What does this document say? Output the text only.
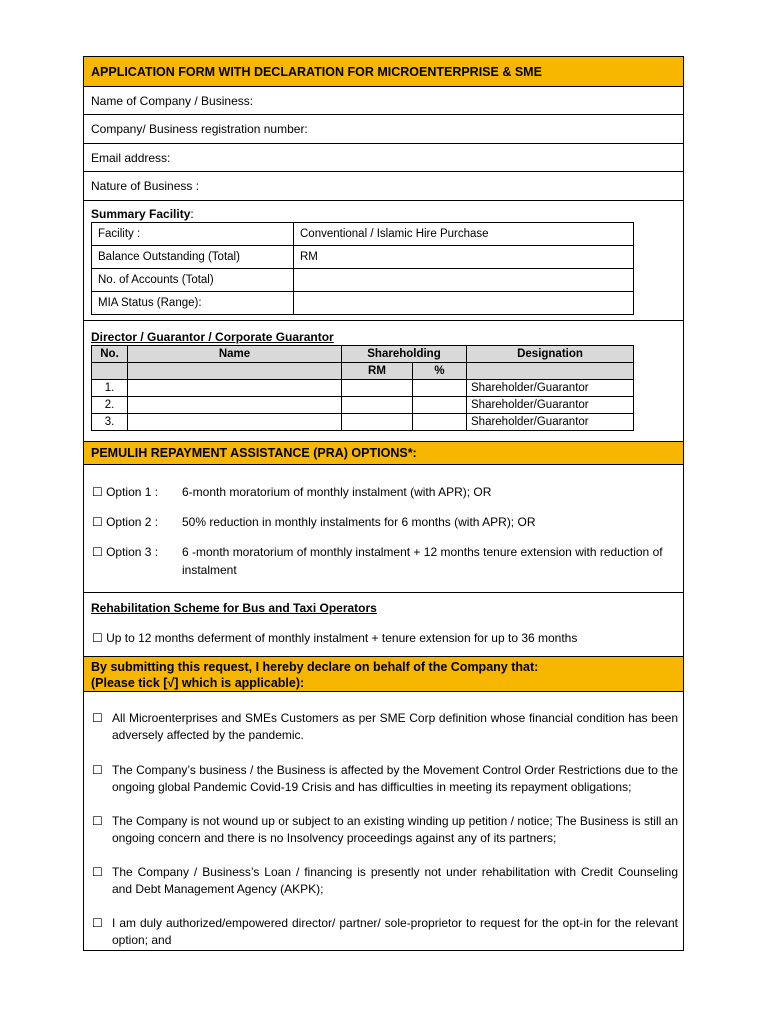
APPLICATION FORM WITH DECLARATION FOR MICROENTERPRISE & SME
Name of Company / Business:
Company/ Business registration number:
Email address:
Nature of Business :
Summary Facility:
Facility :	Conventional / Islamic Hire Purchase
Balance Outstanding (Total)	RM
No. of Accounts (Total)	
MIA Status (Range):	
Director / Guarantor / Corporate Guarantor
No.	Name	Shareholding		Designation
		RM	%	
1.				Shareholder/Guarantor
2.				Shareholder/Guarantor
3.				Shareholder/Guarantor
PEMULIH REPAYMENT ASSISTANCE (PRA) OPTIONS*:
☐ Option 1 :	6-month moratorium of monthly instalment (with APR); OR
☐ Option 2 :	50% reduction in monthly instalments for 6 months (with APR); OR
☐ Option 3 :	6 -month moratorium of monthly instalment + 12 months tenure extension with reduction of instalment
Rehabilitation Scheme for Bus and Taxi Operators
☐ Up to 12 months deferment of monthly instalment + tenure extension for up to 36 months
By submitting this request, I hereby declare on behalf of the Company that:
(Please tick [√] which is applicable):
☐ All Microenterprises and SMEs Customers as per SME Corp definition whose financial condition has been adversely affected by the pandemic.
☐ The Company’s business / the Business is affected by the Movement Control Order Restrictions due to the ongoing global Pandemic Covid-19 Crisis and has difficulties in meeting its repayment obligations;
☐ The Company is not wound up or subject to an existing winding up petition / notice; The Business is still an ongoing concern and there is no Insolvency proceedings against any of its partners;
☐ The Company / Business’s Loan / financing is presently not under rehabilitation with Credit Counseling and Debt Management Agency (AKPK);
☐ I am duly authorized/empowered director/ partner/ sole-proprietor to request for the opt-in for the relevant option; and
